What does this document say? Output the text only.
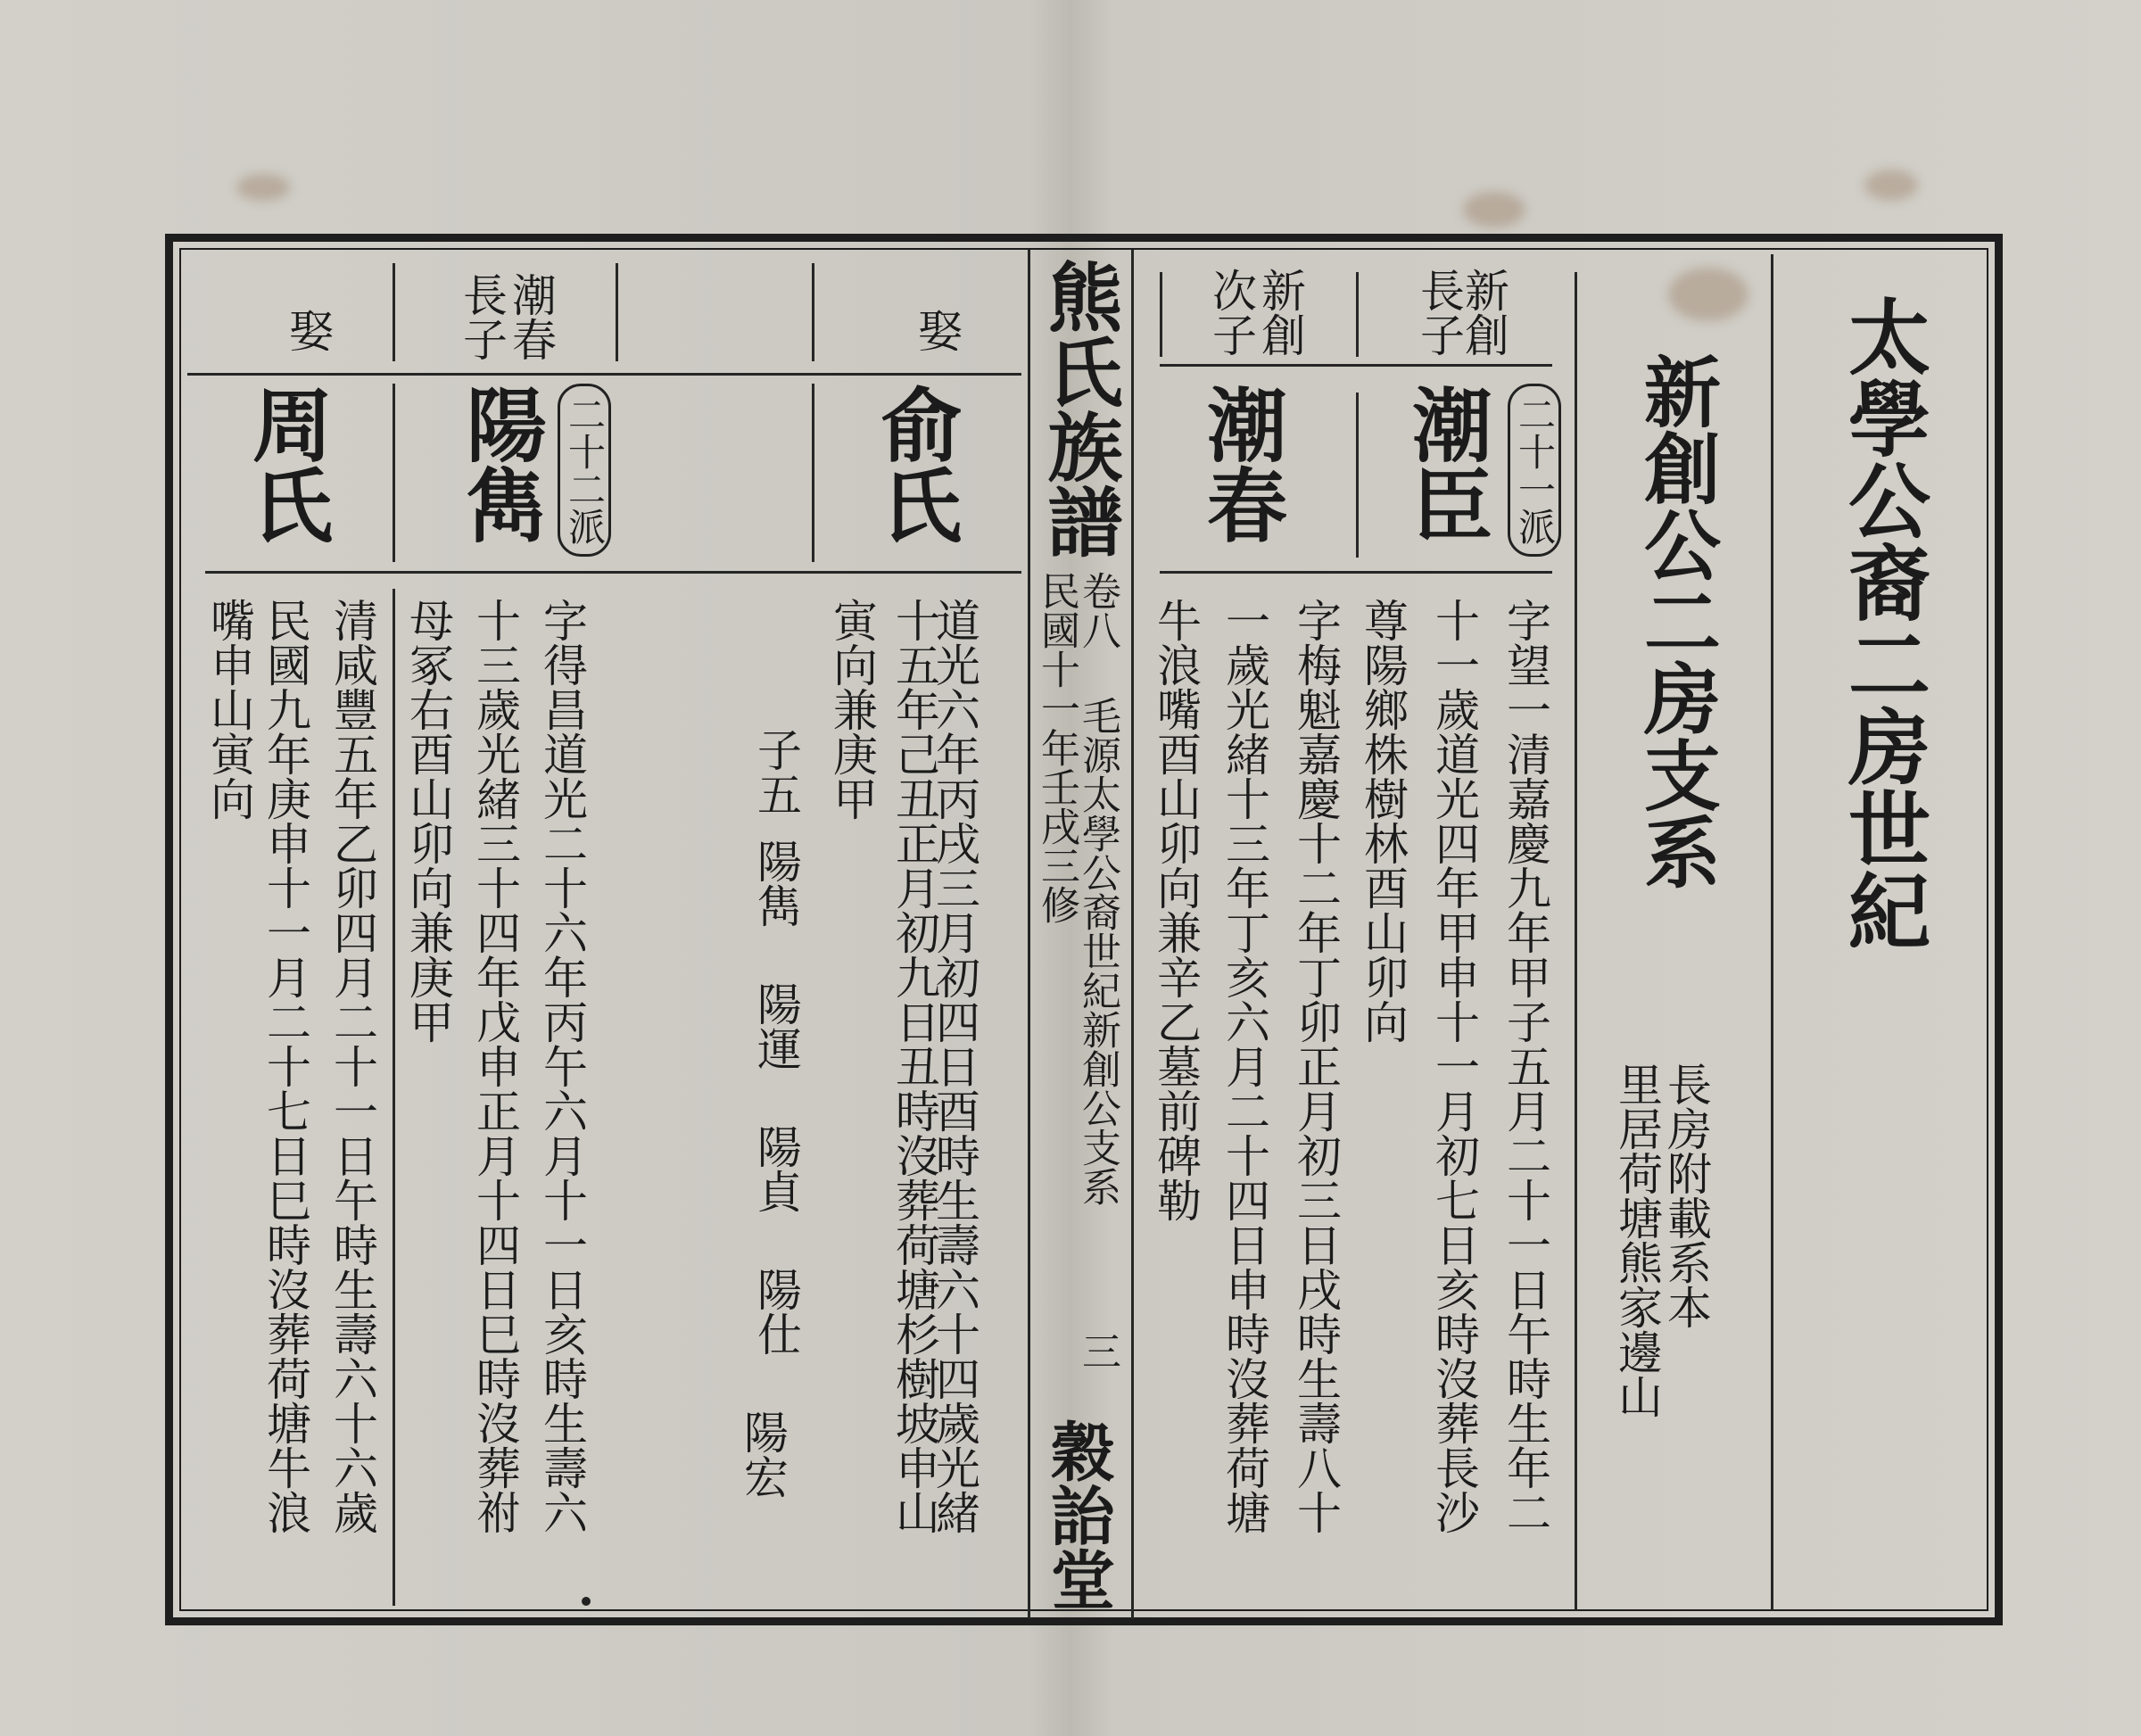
太學公裔二房世紀
新創公二房支系
長房附載系本
里居荷塘熊家邊山
新創
長子
二十一派
潮臣
字望一清嘉慶九年甲子五月二十一日午時生年二
十一歲道光四年甲申十一月初七日亥時沒葬長沙
尊陽鄉株樹林酉山卯向
新創
次子
潮春
字梅魁嘉慶十二年丁卯正月初三日戌時生壽八十
一歲光緒十三年丁亥六月二十四日申時沒葬荷塘
牛浪嘴酉山卯向兼辛乙墓前碑勒
熊氏族譜
卷八
毛源太學公裔世紀新創公支系
三
民國十一年壬戌三修
穀詒堂
娶
俞氏
道光六年丙戌三月初四日酉時生壽六十四歲光緒
十五年己丑正月初九日丑時沒葬荷塘杉樹坡申山
寅向兼庚甲
子五
陽雋
陽運
陽貞
陽仕
陽宏
潮春
長子
二十二派
陽雋
字得昌道光二十六年丙午六月十一日亥時生壽六
十三歲光緒三十四年戊申正月十四日巳時沒葬祔
母冢右酉山卯向兼庚甲
娶
周氏
清咸豐五年乙卯四月二十一日午時生壽六十六歲
民國九年庚申十一月二十七日巳時沒葬荷塘牛浪
嘴申山寅向
